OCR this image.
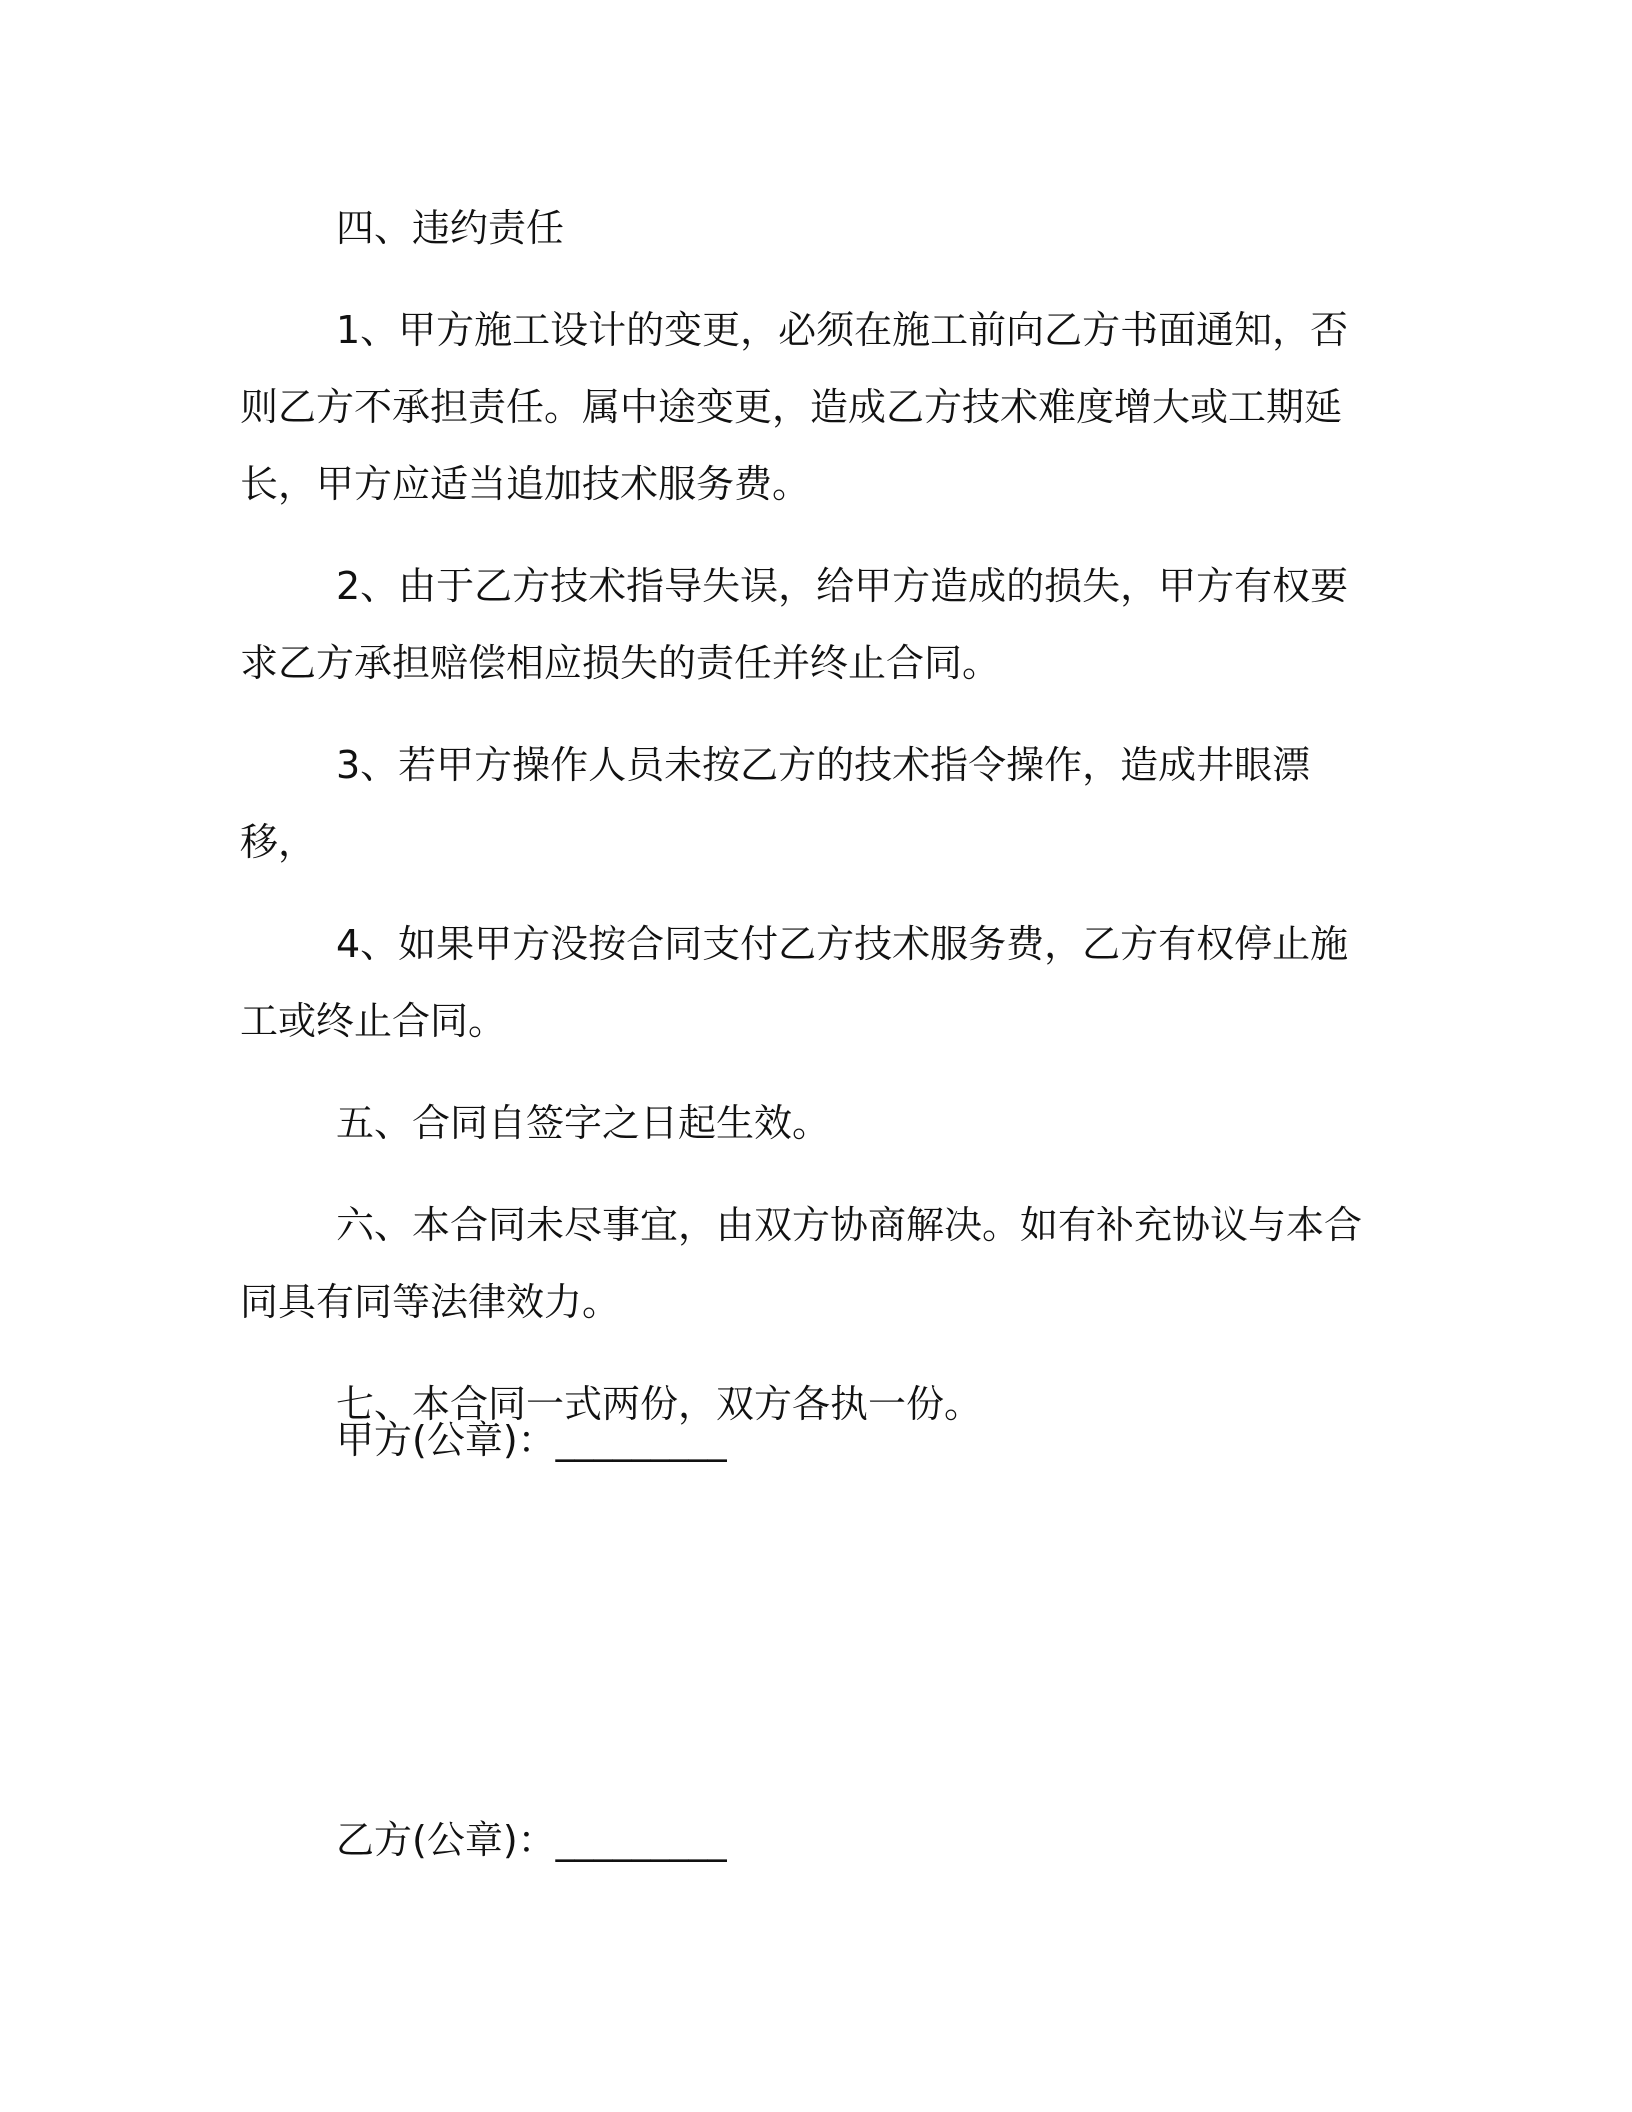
四、违约责任

1、甲方施工设计的变更，必须在施工前向乙方书面通知，否则乙方不承担责任。属中途变更，造成乙方技术难度增大或工期延长，甲方应适当追加技术服务费。

2、由于乙方技术指导失误，给甲方造成的损失，甲方有权要求乙方承担赔偿相应损失的责任并终止合同。

3、若甲方操作人员未按乙方的技术指令操作，造成井眼漂移，

4、如果甲方没按合同支付乙方技术服务费，乙方有权停止施工或终止合同。

五、合同自签字之日起生效。

六、本合同未尽事宜，由双方协商解决。如有补充协议与本合同具有同等法律效力。

七、本合同一式两份，双方各执一份。

甲方(公章)：_________
乙方(公章)：_________
